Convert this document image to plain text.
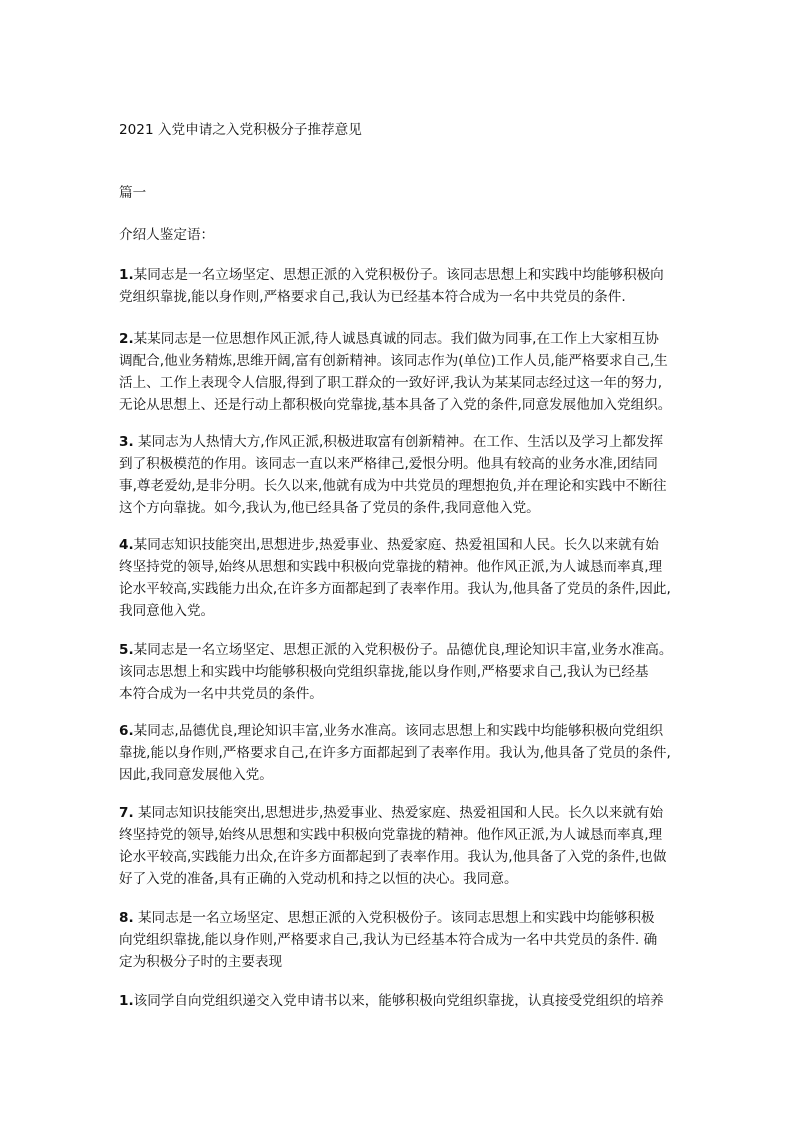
2021 入党申请之入党积极分子推荐意见
篇一
介绍人鉴定语：
1.某同志是一名立场坚定、思想正派的入党积极份子。该同志思想上和实践中均能够积极向
党组织靠拢,能以身作则,严格要求自己,我认为已经基本符合成为一名中共党员的条件.
2.某某同志是一位思想作风正派,待人诚恳真诚的同志。我们做为同事,在工作上大家相互协
调配合,他业务精炼,思维开阔,富有创新精神。该同志作为(单位)工作人员,能严格要求自己,生
活上、工作上表现令人信服,得到了职工群众的一致好评,我认为某某同志经过这一年的努力,
无论从思想上、还是行动上都积极向党靠拢,基本具备了入党的条件,同意发展他加入党组织。
3. 某同志为人热情大方,作风正派,积极进取富有创新精神。在工作、生活以及学习上都发挥
到了积极模范的作用。该同志一直以来严格律己,爱恨分明。他具有较高的业务水准,团结同
事,尊老爱幼,是非分明。长久以来,他就有成为中共党员的理想抱负,并在理论和实践中不断往
这个方向靠拢。如今,我认为,他已经具备了党员的条件,我同意他入党。
4.某同志知识技能突出,思想进步,热爱事业、热爱家庭、热爱祖国和人民。长久以来就有始
终坚持党的领导,始终从思想和实践中积极向党靠拢的精神。他作风正派,为人诚恳而率真,理
论水平较高,实践能力出众,在许多方面都起到了表率作用。我认为,他具备了党员的条件,因此,
我同意他入党。
5.某同志是一名立场坚定、思想正派的入党积极份子。品德优良,理论知识丰富,业务水准高。
该同志思想上和实践中均能够积极向党组织靠拢,能以身作则,严格要求自己,我认为已经基
本符合成为一名中共党员的条件。
6.某同志,品德优良,理论知识丰富,业务水准高。该同志思想上和实践中均能够积极向党组织
靠拢,能以身作则,严格要求自己,在许多方面都起到了表率作用。我认为,他具备了党员的条件,
因此,我同意发展他入党。
7. 某同志知识技能突出,思想进步,热爱事业、热爱家庭、热爱祖国和人民。长久以来就有始
终坚持党的领导,始终从思想和实践中积极向党靠拢的精神。他作风正派,为人诚恳而率真,理
论水平较高,实践能力出众,在许多方面都起到了表率作用。我认为,他具备了入党的条件,也做
好了入党的准备,具有正确的入党动机和持之以恒的决心。我同意。
8. 某同志是一名立场坚定、思想正派的入党积极份子。该同志思想上和实践中均能够积极
向党组织靠拢,能以身作则,严格要求自己,我认为已经基本符合成为一名中共党员的条件. 确
定为积极分子时的主要表现
1.该同学自向党组织递交入党申请书以来，能够积极向党组织靠拢，认真接受党组织的培养
